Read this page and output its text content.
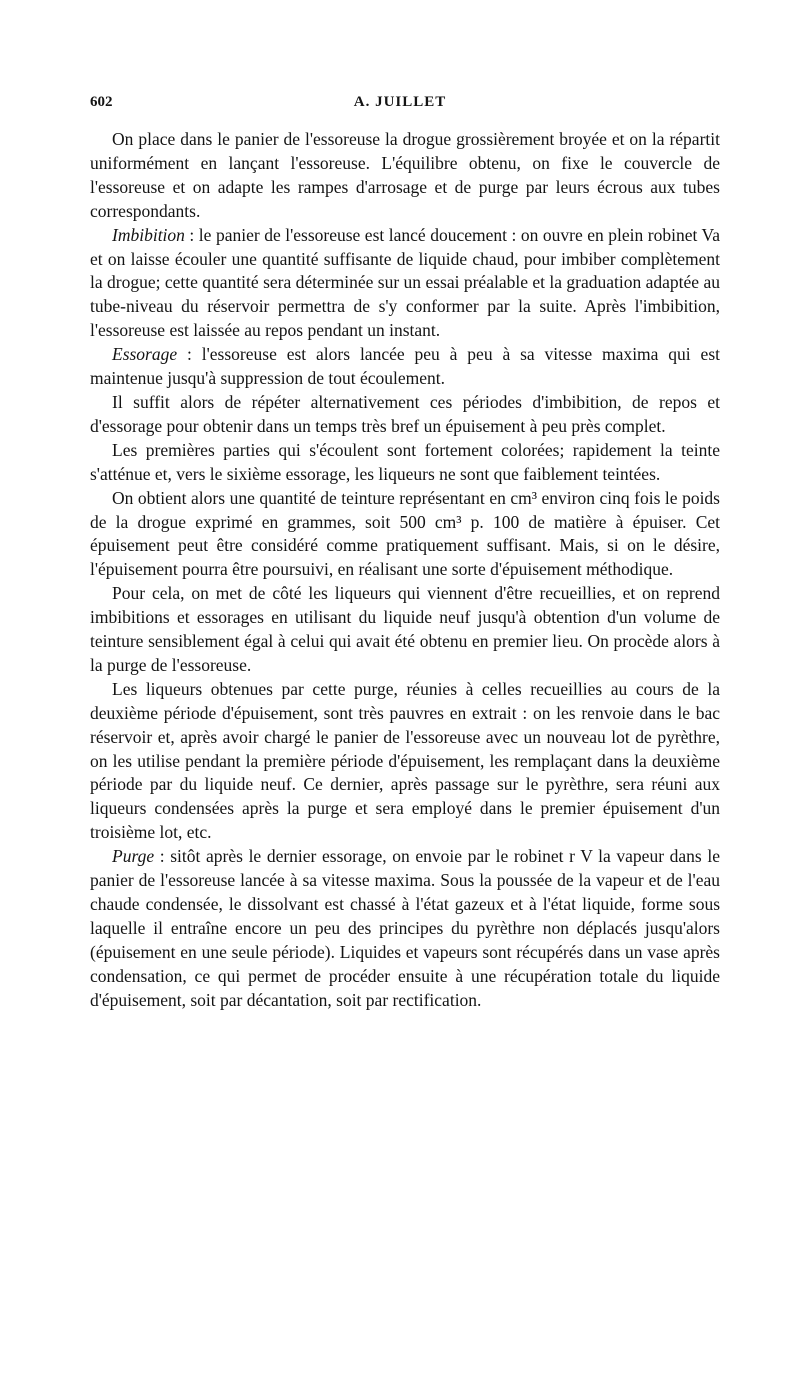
602	A. JUILLET

On place dans le panier de l'essoreuse la drogue grossièrement broyée et on la répartit uniformément en lançant l'essoreuse. L'équilibre obtenu, on fixe le couvercle de l'essoreuse et on adapte les rampes d'arrosage et de purge par leurs écrous aux tubes correspondants.

Imbibition : le panier de l'essoreuse est lancé doucement : on ouvre en plein robinet Va et on laisse écouler une quantité suffisante de liquide chaud, pour imbiber complètement la drogue; cette quantité sera déterminée sur un essai préalable et la graduation adaptée au tube-niveau du réservoir permettra de s'y conformer par la suite. Après l'imbibition, l'essoreuse est laissée au repos pendant un instant.

Essorage : l'essoreuse est alors lancée peu à peu à sa vitesse maxima qui est maintenue jusqu'à suppression de tout écoulement.

Il suffit alors de répéter alternativement ces périodes d'imbibition, de repos et d'essorage pour obtenir dans un temps très bref un épuisement à peu près complet.

Les premières parties qui s'écoulent sont fortement colorées; rapidement la teinte s'atténue et, vers le sixième essorage, les liqueurs ne sont que faiblement teintées.

On obtient alors une quantité de teinture représentant en cm³ environ cinq fois le poids de la drogue exprimé en grammes, soit 500 cm³ p. 100 de matière à épuiser. Cet épuisement peut être considéré comme pratiquement suffisant. Mais, si on le désire, l'épuisement pourra être poursuivi, en réalisant une sorte d'épuisement méthodique.

Pour cela, on met de côté les liqueurs qui viennent d'être recueillies, et on reprend imbibitions et essorages en utilisant du liquide neuf jusqu'à obtention d'un volume de teinture sensiblement égal à celui qui avait été obtenu en premier lieu. On procède alors à la purge de l'essoreuse.

Les liqueurs obtenues par cette purge, réunies à celles recueillies au cours de la deuxième période d'épuisement, sont très pauvres en extrait : on les renvoie dans le bac réservoir et, après avoir chargé le panier de l'essoreuse avec un nouveau lot de pyrèthre, on les utilise pendant la première période d'épuisement, les remplaçant dans la deuxième période par du liquide neuf. Ce dernier, après passage sur le pyrèthre, sera réuni aux liqueurs condensées après la purge et sera employé dans le premier épuisement d'un troisième lot, etc.

Purge : sitôt après le dernier essorage, on envoie par le robinet r V la vapeur dans le panier de l'essoreuse lancée à sa vitesse maxima. Sous la poussée de la vapeur et de l'eau chaude condensée, le dissolvant est chassé à l'état gazeux et à l'état liquide, forme sous laquelle il entraîne encore un peu des principes du pyrèthre non déplacés jusqu'alors (épuisement en une seule période). Liquides et vapeurs sont récupérés dans un vase après condensation, ce qui permet de procéder ensuite à une récupération totale du liquide d'épuisement, soit par décantation, soit par rectification.
